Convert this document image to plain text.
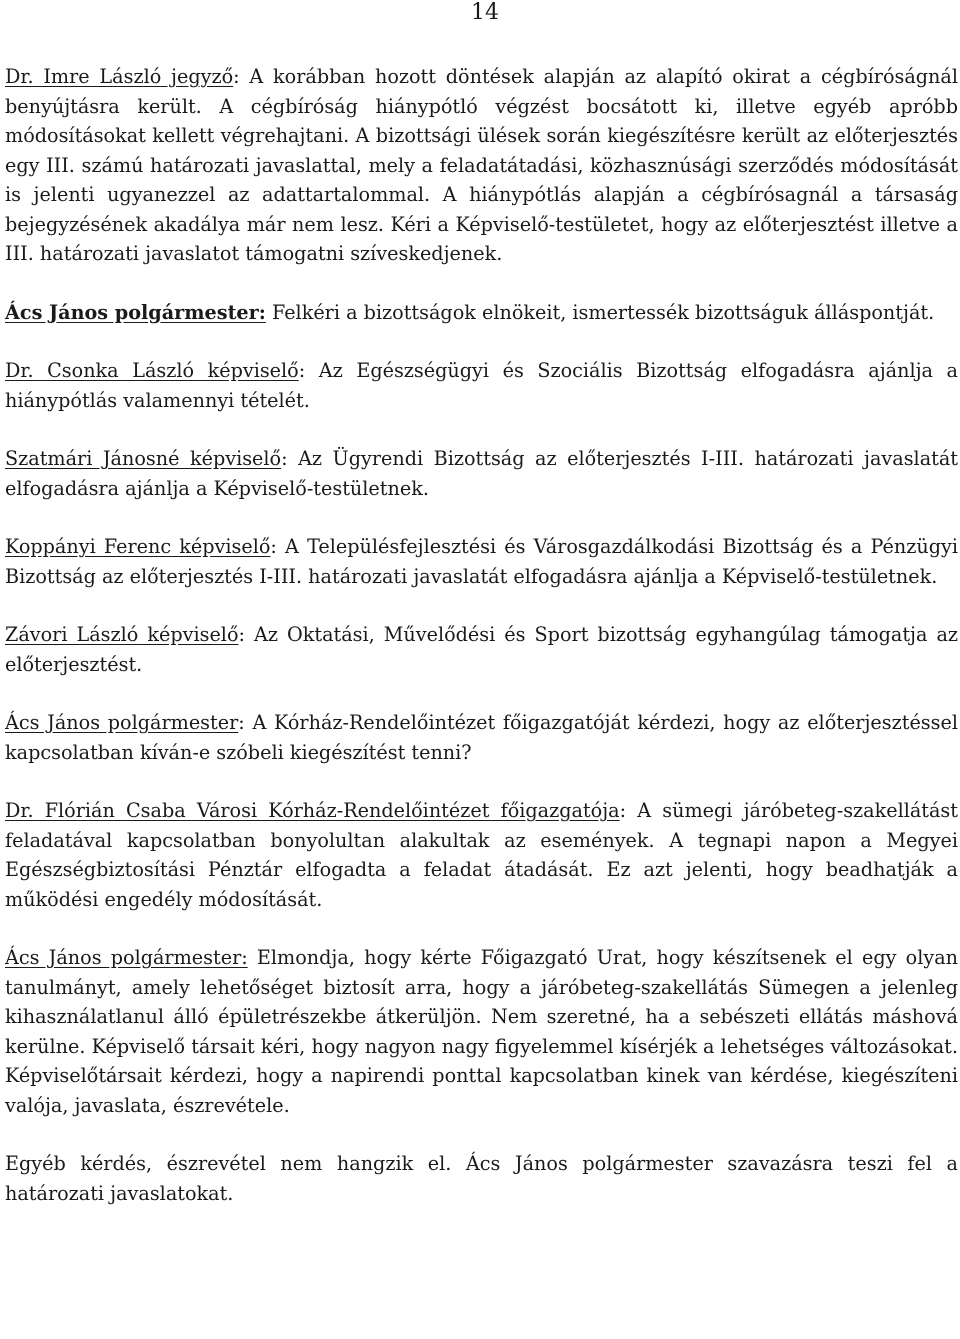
14

Dr. Imre László jegyző: A korábban hozott döntések alapján az alapító okirat a cégbíróságnál benyújtásra került. A cégbíróság hiánypótló végzést bocsátott ki, illetve egyéb apróbb módosításokat kellett végrehajtani. A bizottsági ülések során kiegészítésre került az előterjesztés egy III. számú határozati javaslattal, mely a feladatátadási, közhasznúsági szerződés módosítását is jelenti ugyanezzel az adattartalommal. A hiánypótlás alapján a cégbírósagnál a társaság bejegyzésének akadálya már nem lesz. Kéri a Képviselő-testületet, hogy az előterjesztést illetve a III. határozati javaslatot támogatni szíveskedjenek.

Ács János polgármester: Felkéri a bizottságok elnökeit, ismertessék bizottságuk álláspontját.

Dr. Csonka László képviselő: Az Egészségügyi és Szociális Bizottság elfogadásra ajánlja a hiánypótlás valamennyi tételét.

Szatmári Jánosné képviselő: Az Ügyrendi Bizottság az előterjesztés I-III. határozati javaslatát elfogadásra ajánlja a Képviselő-testületnek.

Koppányi Ferenc képviselő: A Településfejlesztési és Városgazdálkodási Bizottság és a Pénzügyi Bizottság az előterjesztés I-III. határozati javaslatát elfogadásra ajánlja a Képviselő-testületnek.

Závori László képviselő: Az Oktatási, Művelődési és Sport bizottság egyhangúlag támogatja az előterjesztést.

Ács János polgármester: A Kórház-Rendelőintézet főigazgatóját kérdezi, hogy az előterjesztéssel kapcsolatban kíván-e szóbeli kiegészítést tenni?

Dr. Flórián Csaba Városi Kórház-Rendelőintézet főigazgatója: A sümegi járóbeteg-szakellátást feladatával kapcsolatban bonyolultan alakultak az események. A tegnapi napon a Megyei Egészségbiztosítási Pénztár elfogadta a feladat átadását. Ez azt jelenti, hogy beadhatják a működési engedély módosítását.

Ács János polgármester: Elmondja, hogy kérte Főigazgató Urat, hogy készítsenek el egy olyan tanulmányt, amely lehetőséget biztosít arra, hogy a járóbeteg-szakellátás Sümegen a jelenleg kihasználatlanul álló épületrészekbe átkerüljön. Nem szeretné, ha a sebészeti ellátás máshová kerülne. Képviselő társait kéri, hogy nagyon nagy figyelemmel kísérjék a lehetséges változásokat. Képviselőtársait kérdezi, hogy a napirendi ponttal kapcsolatban kinek van kérdése, kiegészíteni valója, javaslata, észrevétele.

Egyéb kérdés, észrevétel nem hangzik el. Ács János polgármester szavazásra teszi fel a határozati javaslatokat.
